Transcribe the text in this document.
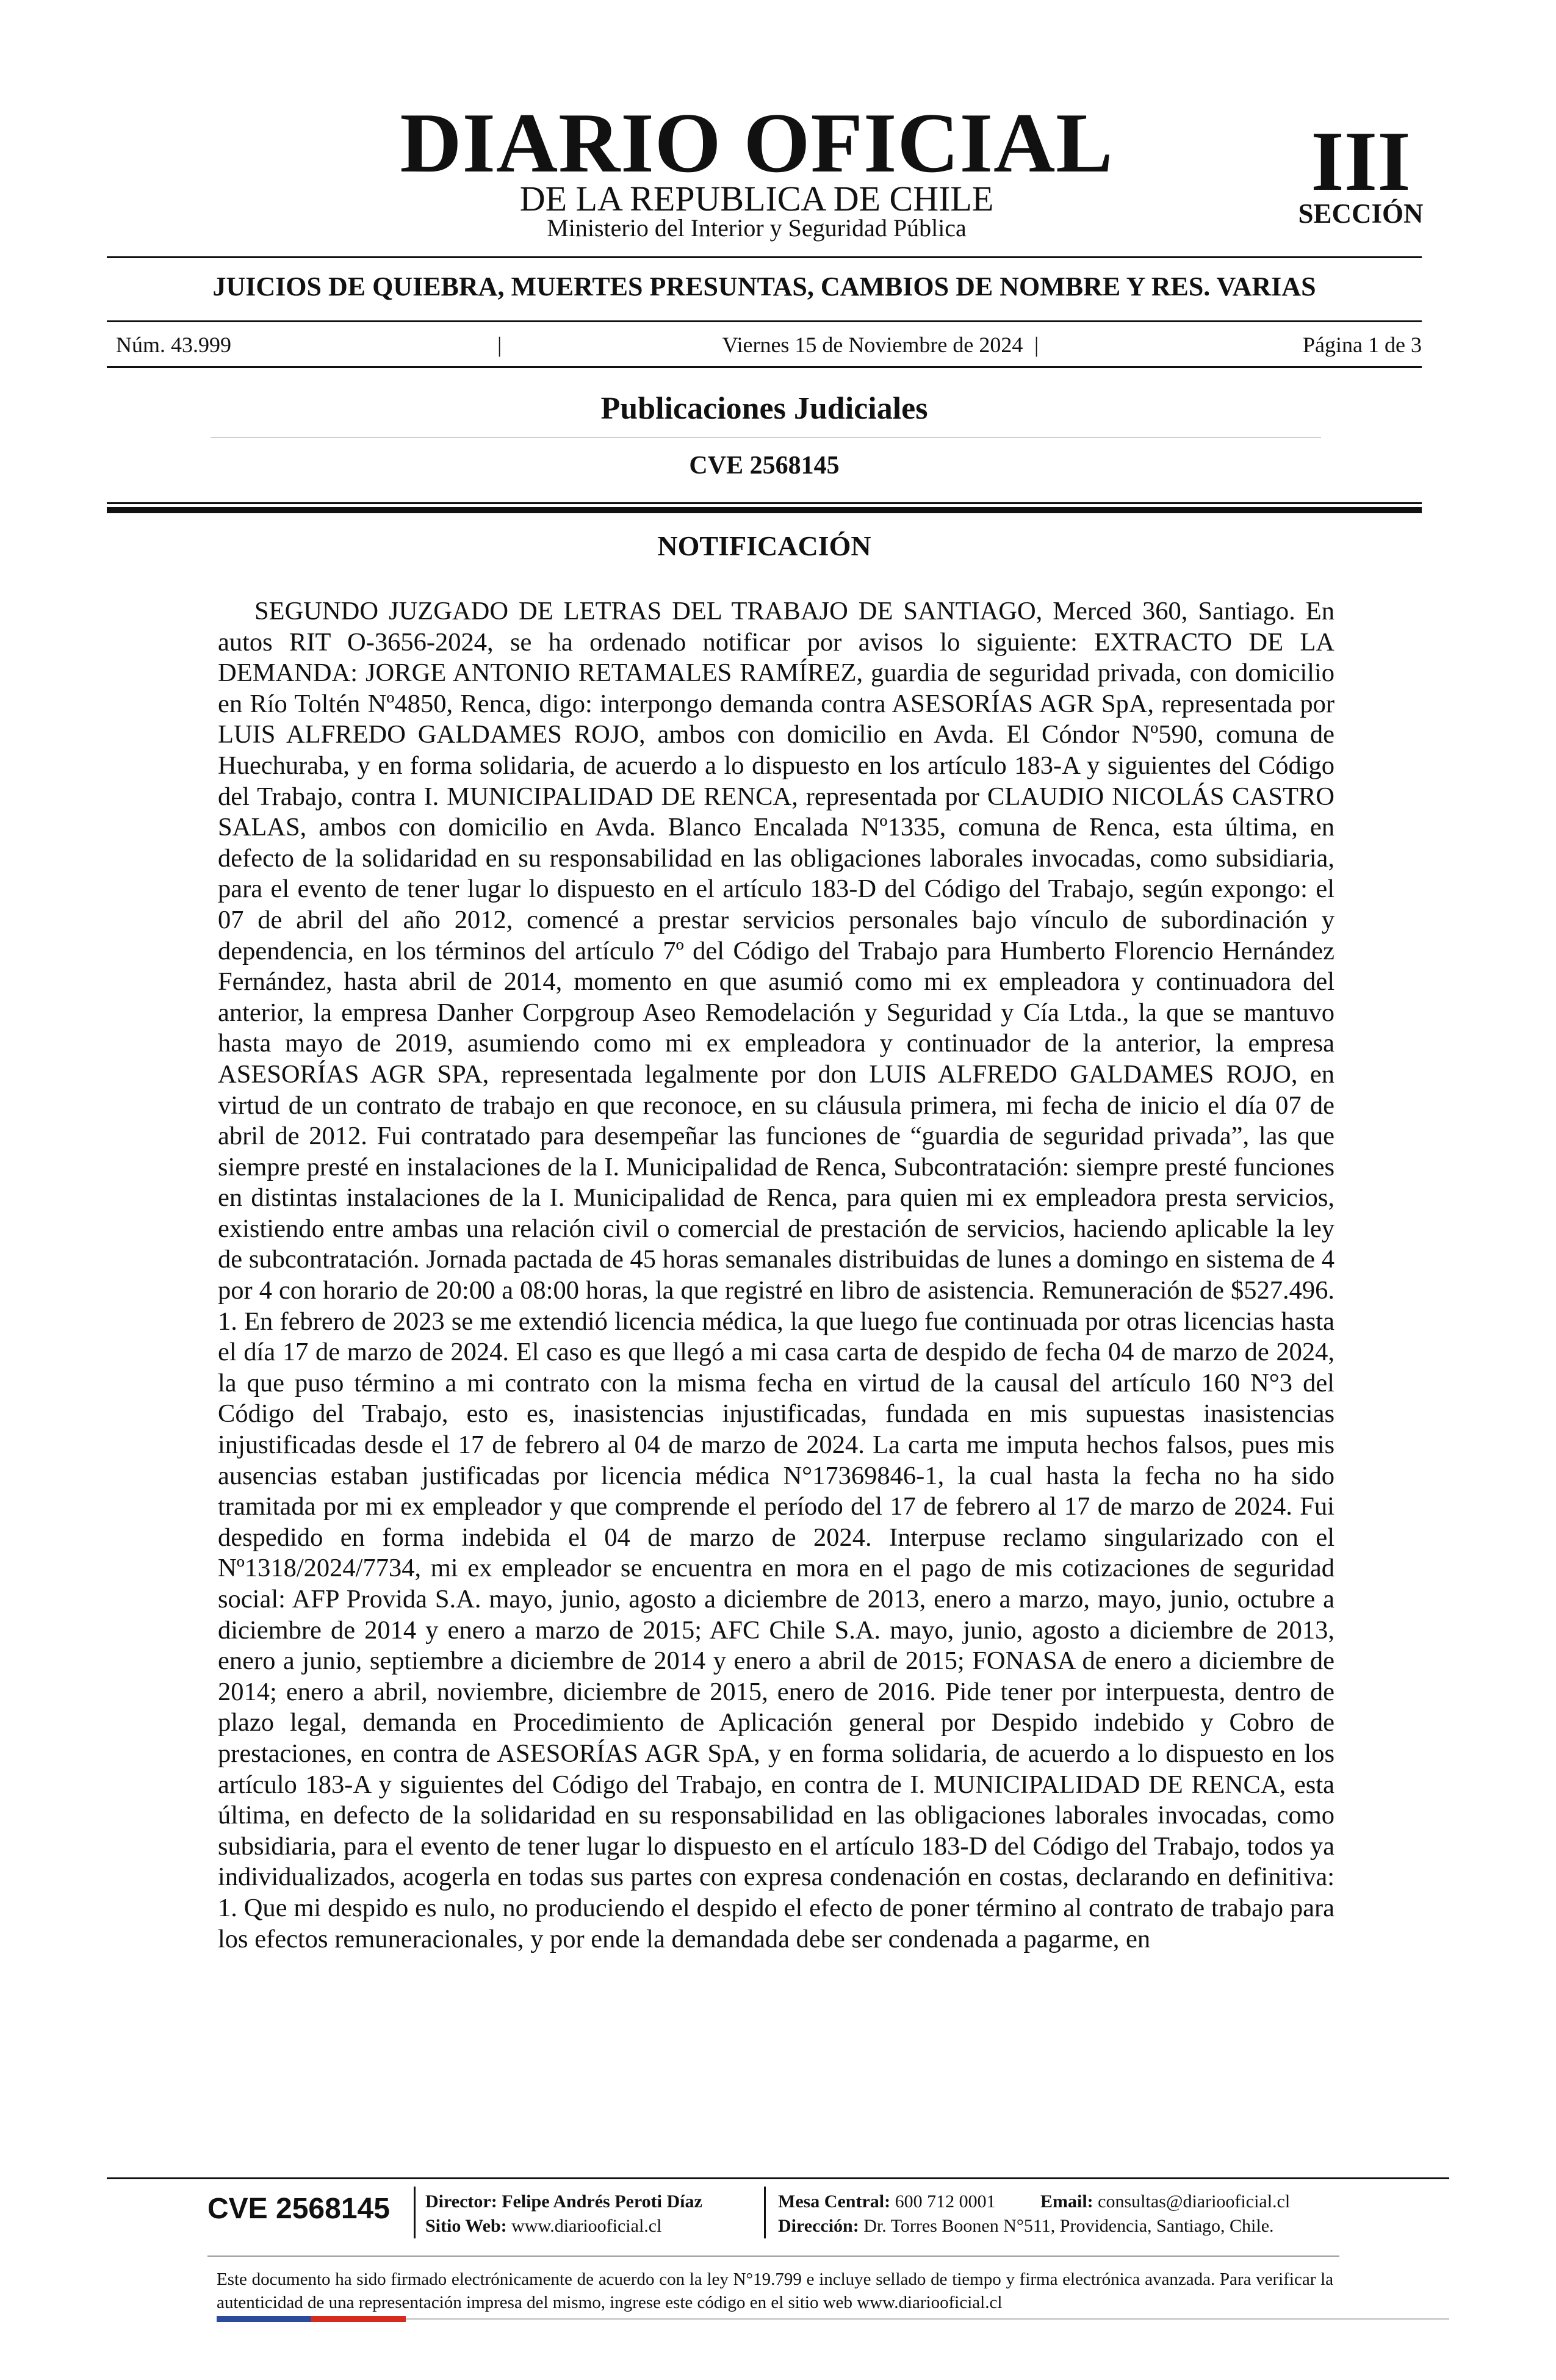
DIARIO OFICIAL
DE LA REPUBLICA DE CHILE
Ministerio del Interior y Seguridad Pública
III
SECCIÓN
JUICIOS DE QUIEBRA, MUERTES PRESUNTAS, CAMBIOS DE NOMBRE Y RES. VARIAS
Núm. 43.999	|	Viernes 15 de Noviembre de 2024 |	Página 1 de 3
Publicaciones Judiciales
CVE 2568145
NOTIFICACIÓN

SEGUNDO JUZGADO DE LETRAS DEL TRABAJO DE SANTIAGO, Merced 360, Santiago. En autos RIT O-3656-2024, se ha ordenado notificar por avisos lo siguiente: EXTRACTO DE LA DEMANDA: JORGE ANTONIO RETAMALES RAMÍREZ, guardia de seguridad privada, con domicilio en Río Toltén Nº4850, Renca, digo: interpongo demanda contra ASESORÍAS AGR SpA, representada por LUIS ALFREDO GALDAMES ROJO, ambos con domicilio en Avda. El Cóndor Nº590, comuna de Huechuraba, y en forma solidaria, de acuerdo a lo dispuesto en los artículo 183-A y siguientes del Código del Trabajo, contra I. MUNICIPALIDAD DE RENCA, representada por CLAUDIO NICOLÁS CASTRO SALAS, ambos con domicilio en Avda. Blanco Encalada Nº1335, comuna de Renca, esta última, en defecto de la solidaridad en su responsabilidad en las obligaciones laborales invocadas, como subsidiaria, para el evento de tener lugar lo dispuesto en el artículo 183-D del Código del Trabajo, según expongo: el 07 de abril del año 2012, comencé a prestar servicios personales bajo vínculo de subordinación y dependencia, en los términos del artículo 7º del Código del Trabajo para Humberto Florencio Hernández Fernández, hasta abril de 2014, momento en que asumió como mi ex empleadora y continuadora del anterior, la empresa Danher Corpgroup Aseo Remodelación y Seguridad y Cía Ltda., la que se mantuvo hasta mayo de 2019, asumiendo como mi ex empleadora y continuador de la anterior, la empresa ASESORÍAS AGR SPA, representada legalmente por don LUIS ALFREDO GALDAMES ROJO, en virtud de un contrato de trabajo en que reconoce, en su cláusula primera, mi fecha de inicio el día 07 de abril de 2012. Fui contratado para desempeñar las funciones de “guardia de seguridad privada”, las que siempre presté en instalaciones de la I. Municipalidad de Renca, Subcontratación: siempre presté funciones en distintas instalaciones de la I. Municipalidad de Renca, para quien mi ex empleadora presta servicios, existiendo entre ambas una relación civil o comercial de prestación de servicios, haciendo aplicable la ley de subcontratación. Jornada pactada de 45 horas semanales distribuidas de lunes a domingo en sistema de 4 por 4 con horario de 20:00 a 08:00 horas, la que registré en libro de asistencia. Remuneración de $527.496. 1. En febrero de 2023 se me extendió licencia médica, la que luego fue continuada por otras licencias hasta el día 17 de marzo de 2024. El caso es que llegó a mi casa carta de despido de fecha 04 de marzo de 2024, la que puso término a mi contrato con la misma fecha en virtud de la causal del artículo 160 N°3 del Código del Trabajo, esto es, inasistencias injustificadas, fundada en mis supuestas inasistencias injustificadas desde el 17 de febrero al 04 de marzo de 2024. La carta me imputa hechos falsos, pues mis ausencias estaban justificadas por licencia médica N°17369846-1, la cual hasta la fecha no ha sido tramitada por mi ex empleador y que comprende el período del 17 de febrero al 17 de marzo de 2024. Fui despedido en forma indebida el 04 de marzo de 2024. Interpuse reclamo singularizado con el Nº1318/2024/7734, mi ex empleador se encuentra en mora en el pago de mis cotizaciones de seguridad social: AFP Provida S.A. mayo, junio, agosto a diciembre de 2013, enero a marzo, mayo, junio, octubre a diciembre de 2014 y enero a marzo de 2015; AFC Chile S.A. mayo, junio, agosto a diciembre de 2013, enero a junio, septiembre a diciembre de 2014 y enero a abril de 2015; FONASA de enero a diciembre de 2014; enero a abril, noviembre, diciembre de 2015, enero de 2016. Pide tener por interpuesta, dentro de plazo legal, demanda en Procedimiento de Aplicación general por Despido indebido y Cobro de prestaciones, en contra de ASESORÍAS AGR SpA, y en forma solidaria, de acuerdo a lo dispuesto en los artículo 183-A y siguientes del Código del Trabajo, en contra de I. MUNICIPALIDAD DE RENCA, esta última, en defecto de la solidaridad en su responsabilidad en las obligaciones laborales invocadas, como subsidiaria, para el evento de tener lugar lo dispuesto en el artículo 183-D del Código del Trabajo, todos ya individualizados, acogerla en todas sus partes con expresa condenación en costas, declarando en definitiva: 1. Que mi despido es nulo, no produciendo el despido el efecto de poner término al contrato de trabajo para los efectos remuneracionales, y por ende la demandada debe ser condenada a pagarme, en

CVE 2568145	Director: Felipe Andrés Peroti Díaz
Sitio Web: www.diariooficial.cl
Mesa Central: 600 712 0001 Email: consultas@diariooficial.cl
Dirección: Dr. Torres Boonen N°511, Providencia, Santiago, Chile.

Este documento ha sido firmado electrónicamente de acuerdo con la ley N°19.799 e incluye sellado de tiempo y firma electrónica avanzada. Para verificar la autenticidad de una representación impresa del mismo, ingrese este código en el sitio web www.diariooficial.cl
